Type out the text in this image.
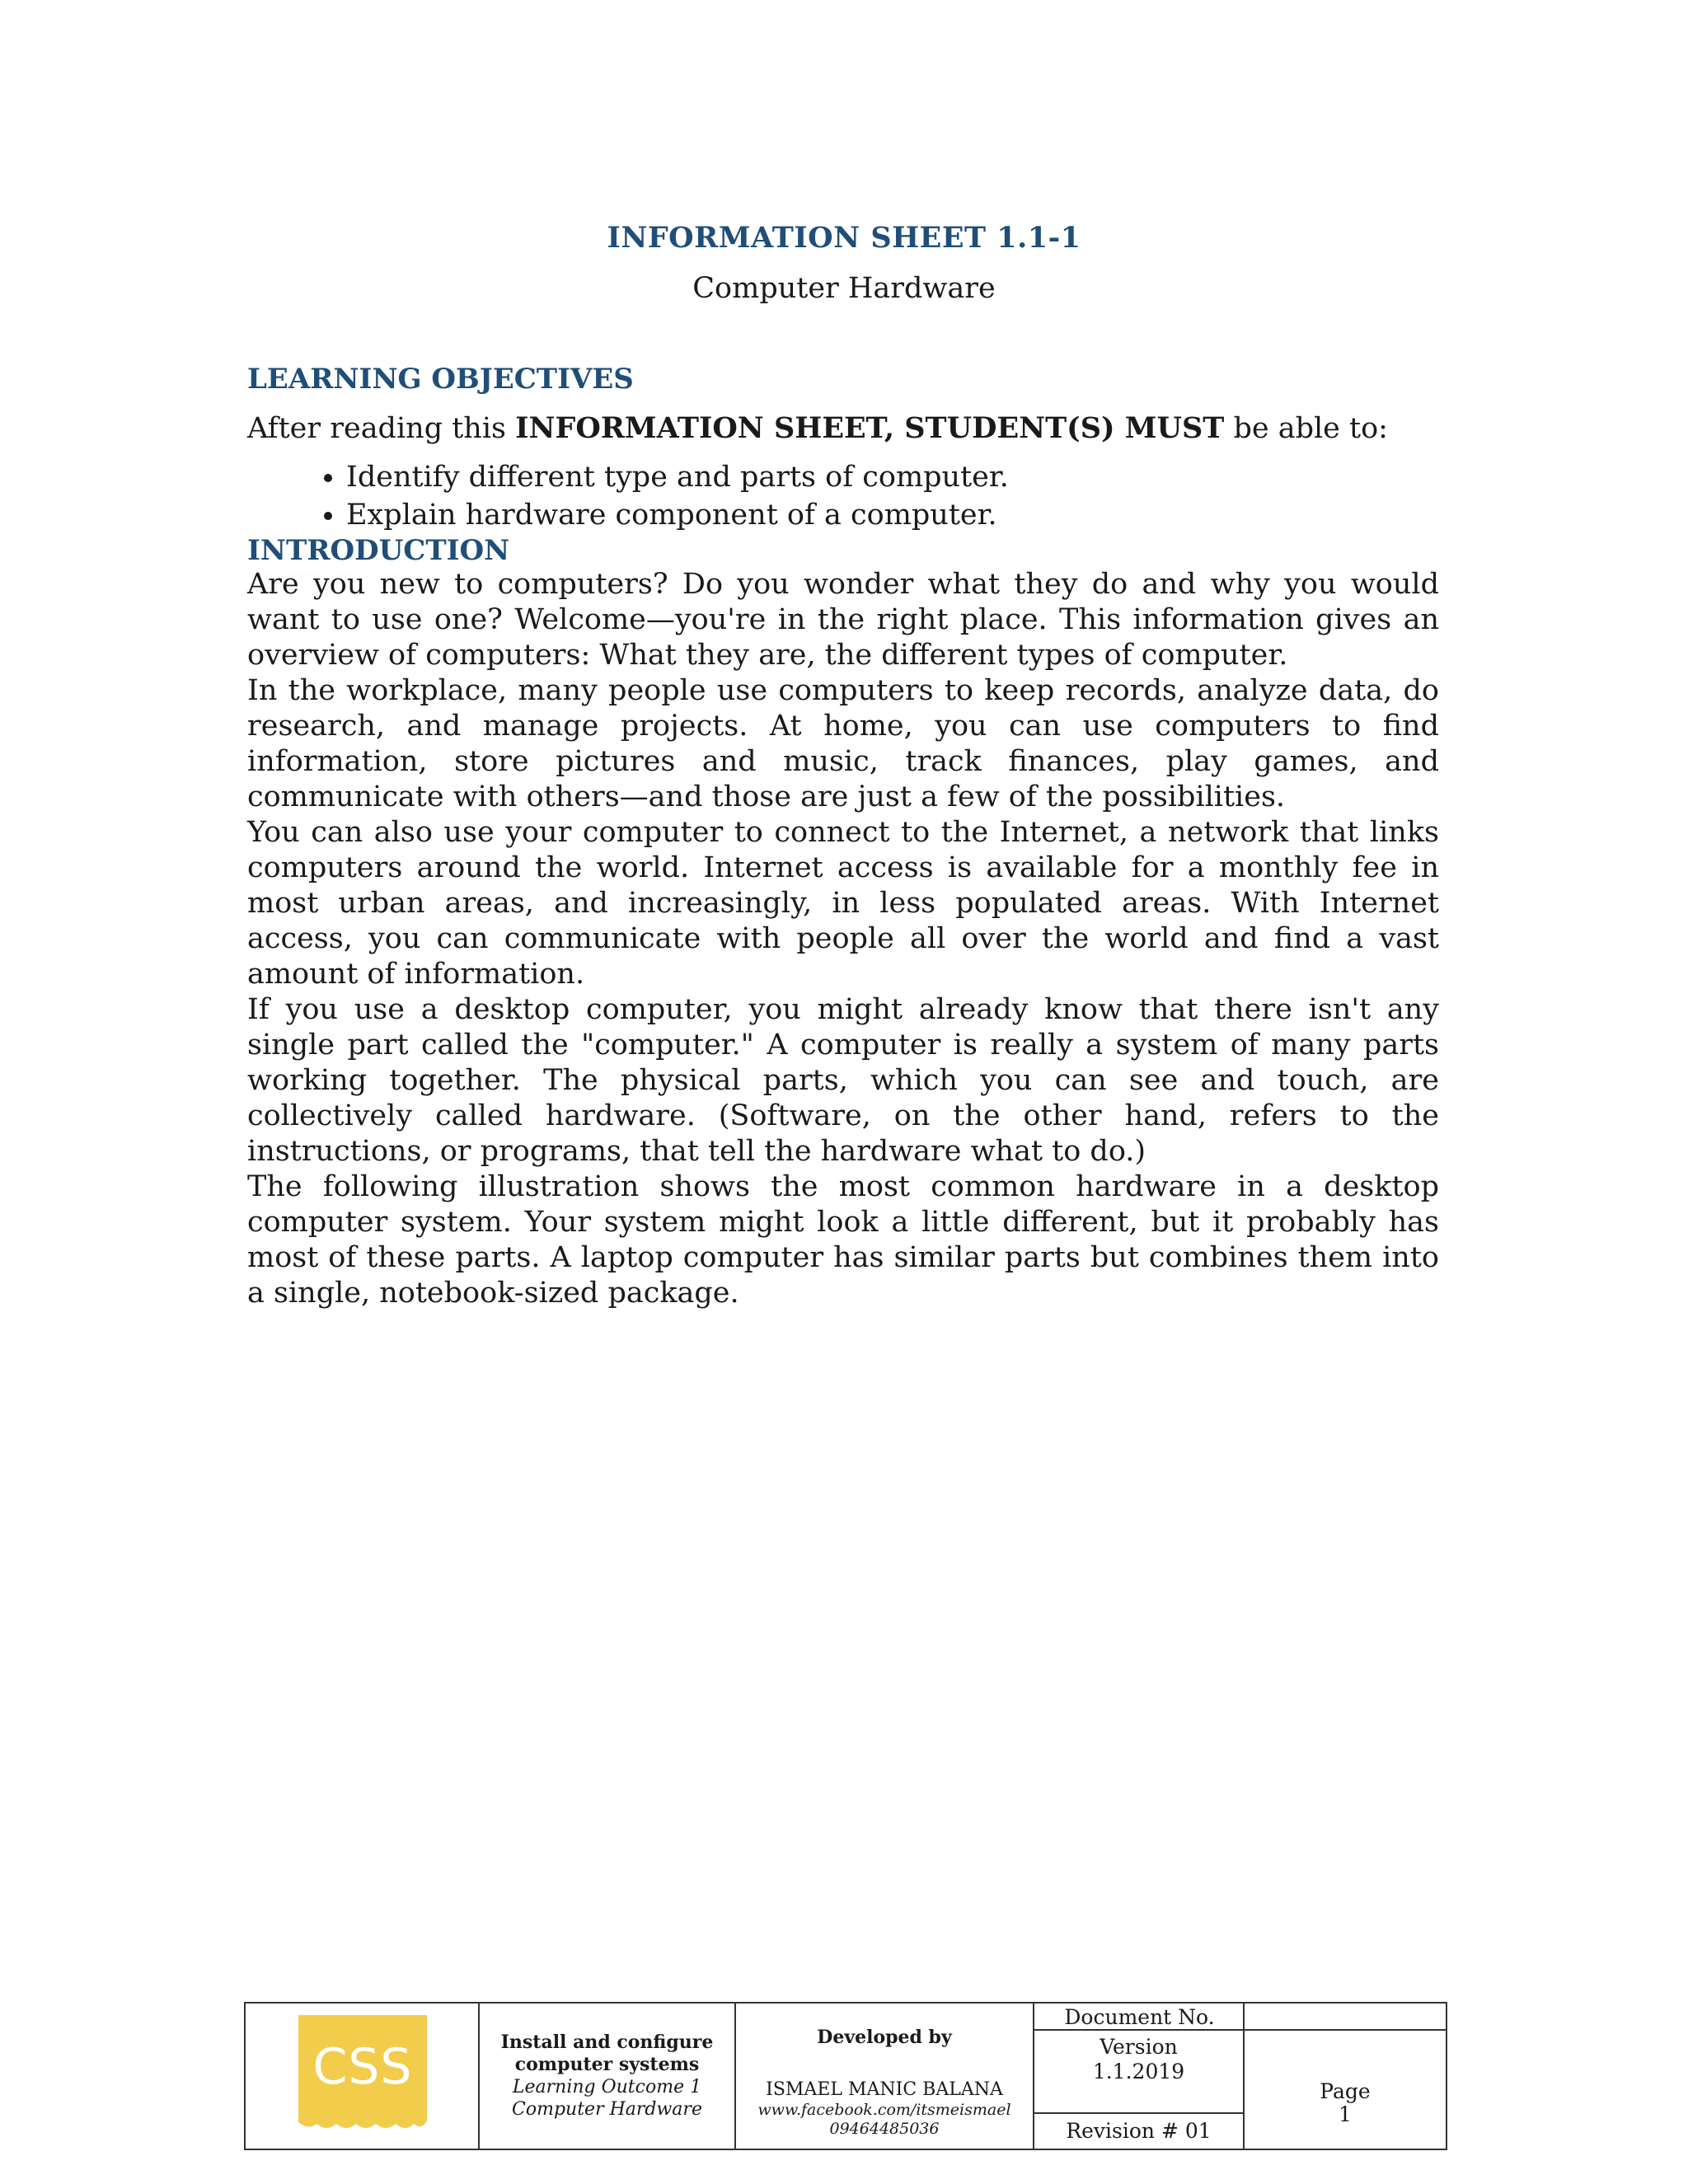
INFORMATION SHEET 1.1-1
Computer Hardware
LEARNING OBJECTIVES

After reading this INFORMATION SHEET, STUDENT(S) MUST be able to:

• Identify different type and parts of computer.
• Explain hardware component of a computer.
INTRODUCTION

Are you new to computers? Do you wonder what they do and why you would want to use one? Welcome—you're in the right place. This information gives an overview of computers: What they are, the different types of computer.

In the workplace, many people use computers to keep records, analyze data, do research, and manage projects. At home, you can use computers to find information, store pictures and music, track finances, play games, and communicate with others—and those are just a few of the possibilities.

You can also use your computer to connect to the Internet, a network that links computers around the world. Internet access is available for a monthly fee in most urban areas, and increasingly, in less populated areas. With Internet access, you can communicate with people all over the world and find a vast amount of information.

If you use a desktop computer, you might already know that there isn't any single part called the "computer." A computer is really a system of many parts working together. The physical parts, which you can see and touch, are collectively called hardware. (Software, on the other hand, refers to the instructions, or programs, that tell the hardware what to do.)

The following illustration shows the most common hardware in a desktop computer system. Your system might look a little different, but it probably has most of these parts. A laptop computer has similar parts but combines them into a single, notebook-sized package.

CSS	Install and configure
computer systems
Learning Outcome 1
Computer Hardware
Developed by
ISMAEL MANIC BALANA
www.facebook.com/itsmeismael
09464485036
Document No.
Version
1.1.2019
Revision # 01
Page
1
